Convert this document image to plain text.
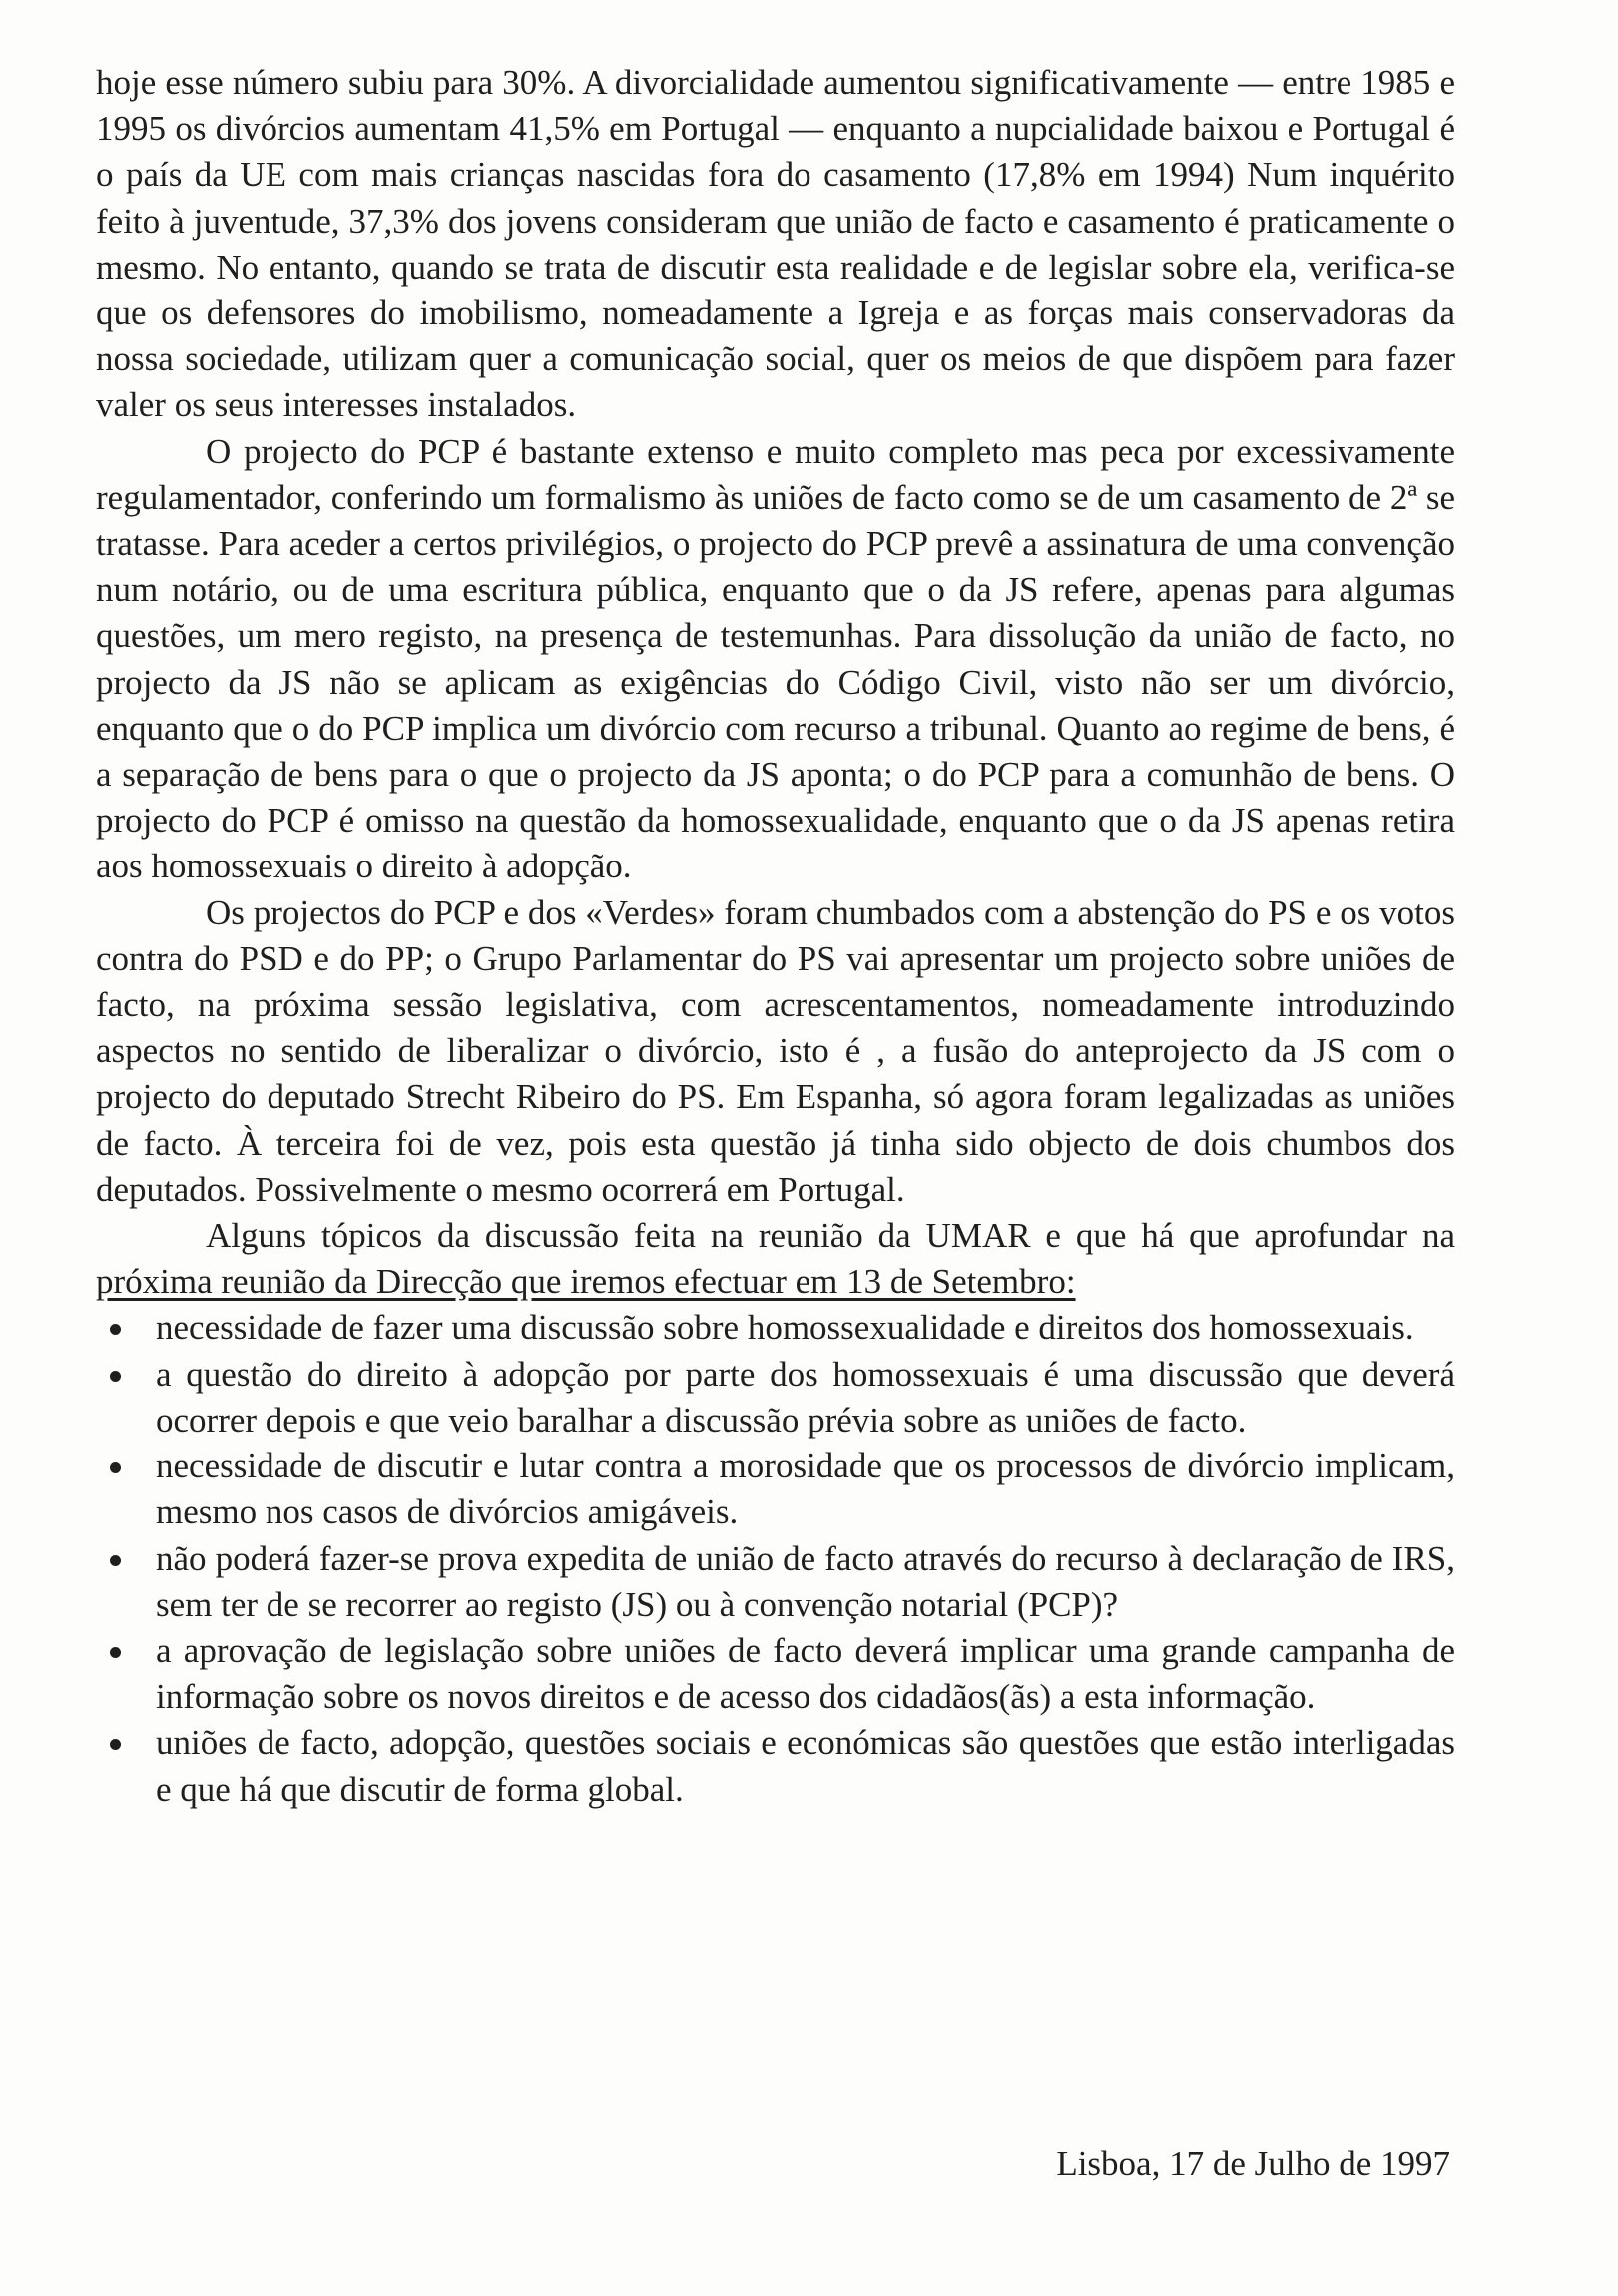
hoje esse número subiu para 30%. A divorcialidade aumentou significativamente — entre 1985 e 1995 os divórcios aumentam 41,5% em Portugal — enquanto a nupcialidade baixou e Portugal é o país da UE com mais crianças nascidas fora do casamento (17,8% em 1994) Num inquérito feito à juventude, 37,3% dos jovens consideram que união de facto e casamento é praticamente o mesmo. No entanto, quando se trata de discutir esta realidade e de legislar sobre ela, verifica-se que os defensores do imobilismo, nomeadamente a Igreja e as forças mais conservadoras da nossa sociedade, utilizam quer a comunicação social, quer os meios de que dispõem para fazer valer os seus interesses instalados.

O projecto do PCP é bastante extenso e muito completo mas peca por excessivamente regulamentador, conferindo um formalismo às uniões de facto como se de um casamento de 2ª se tratasse. Para aceder a certos privilégios, o projecto do PCP prevê a assinatura de uma convenção num notário, ou de uma escritura pública, enquanto que o da JS refere, apenas para algumas questões, um mero registo, na presença de testemunhas. Para dissolução da união de facto, no projecto da JS não se aplicam as exigências do Código Civil, visto não ser um divórcio, enquanto que o do PCP implica um divórcio com recurso a tribunal. Quanto ao regime de bens, é a separação de bens para o que o projecto da JS aponta; o do PCP para a comunhão de bens. O projecto do PCP é omisso na questão da homossexualidade, enquanto que o da JS apenas retira aos homossexuais o direito à adopção.

Os projectos do PCP e dos «Verdes» foram chumbados com a abstenção do PS e os votos contra do PSD e do PP; o Grupo Parlamentar do PS vai apresentar um projecto sobre uniões de facto, na próxima sessão legislativa, com acrescentamentos, nomeadamente introduzindo aspectos no sentido de liberalizar o divórcio, isto é , a fusão do anteprojecto da JS com o projecto do deputado Strecht Ribeiro do PS. Em Espanha, só agora foram legalizadas as uniões de facto. À terceira foi de vez, pois esta questão já tinha sido objecto de dois chumbos dos deputados. Possivelmente o mesmo ocorrerá em Portugal.

Alguns tópicos da discussão feita na reunião da UMAR e que há que aprofundar na próxima reunião da Direcção que iremos efectuar em 13 de Setembro:

necessidade de fazer uma discussão sobre homossexualidade e direitos dos homossexuais.
a questão do direito à adopção por parte dos homossexuais é uma discussão que deverá ocorrer depois e que veio baralhar a discussão prévia sobre as uniões de facto.
necessidade de discutir e lutar contra a morosidade que os processos de divórcio implicam, mesmo nos casos de divórcios amigáveis.
não poderá fazer-se prova expedita de união de facto através do recurso à declaração de IRS, sem ter de se recorrer ao registo (JS) ou à convenção notarial (PCP)?
a aprovação de legislação sobre uniões de facto deverá implicar uma grande campanha de informação sobre os novos direitos e de acesso dos cidadãos(ãs) a esta informação.
uniões de facto, adopção, questões sociais e económicas são questões que estão interligadas e que há que discutir de forma global.
Lisboa, 17 de Julho de 1997
